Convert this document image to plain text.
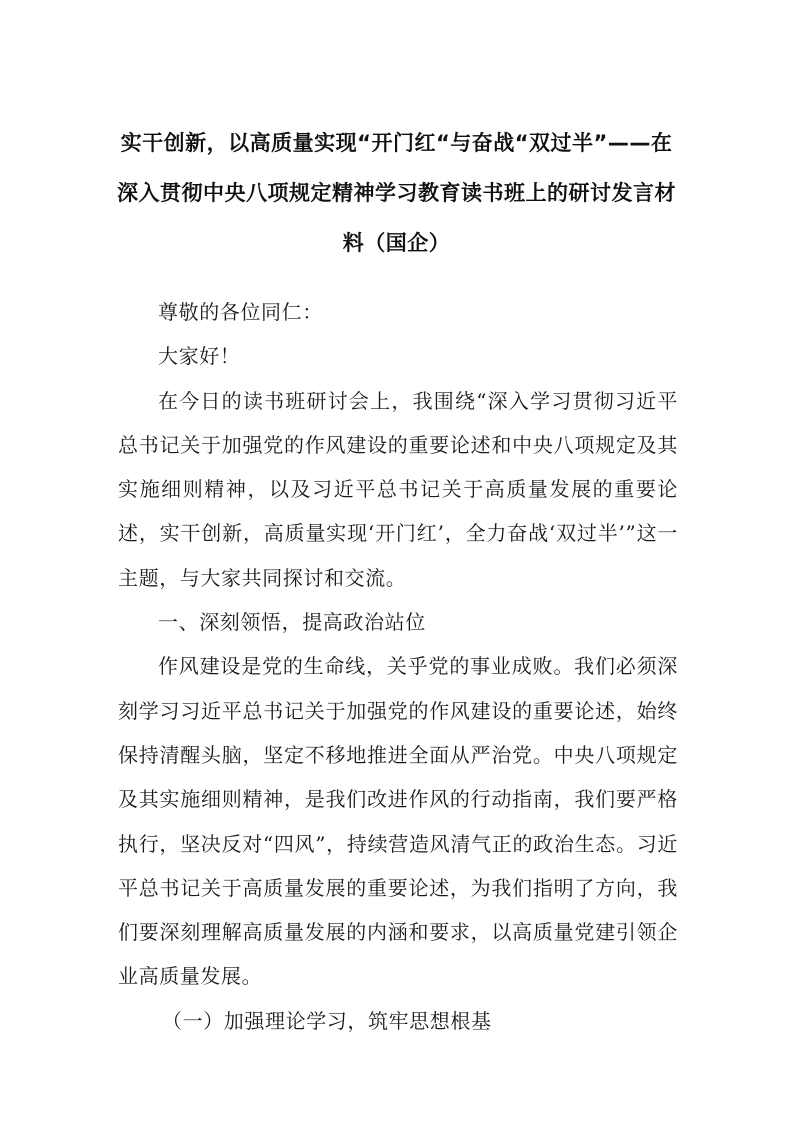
实干创新，以高质量实现“开门红“与奋战“双过半”——在深入贯彻中央八项规定精神学习教育读书班上的研讨发言材料（国企）

尊敬的各位同仁：

大家好！

在今日的读书班研讨会上，我围绕“深入学习贯彻习近平总书记关于加强党的作风建设的重要论述和中央八项规定及其实施细则精神，以及习近平总书记关于高质量发展的重要论述，实干创新，高质量实现‘开门红’，全力奋战‘双过半’”这一主题，与大家共同探讨和交流。

一、深刻领悟，提高政治站位

作风建设是党的生命线，关乎党的事业成败。我们必须深刻学习习近平总书记关于加强党的作风建设的重要论述，始终保持清醒头脑，坚定不移地推进全面从严治党。中央八项规定及其实施细则精神，是我们改进作风的行动指南，我们要严格执行，坚决反对“四风”，持续营造风清气正的政治生态。习近平总书记关于高质量发展的重要论述，为我们指明了方向，我们要深刻理解高质量发展的内涵和要求，以高质量党建引领企业高质量发展。

（一）加强理论学习，筑牢思想根基
